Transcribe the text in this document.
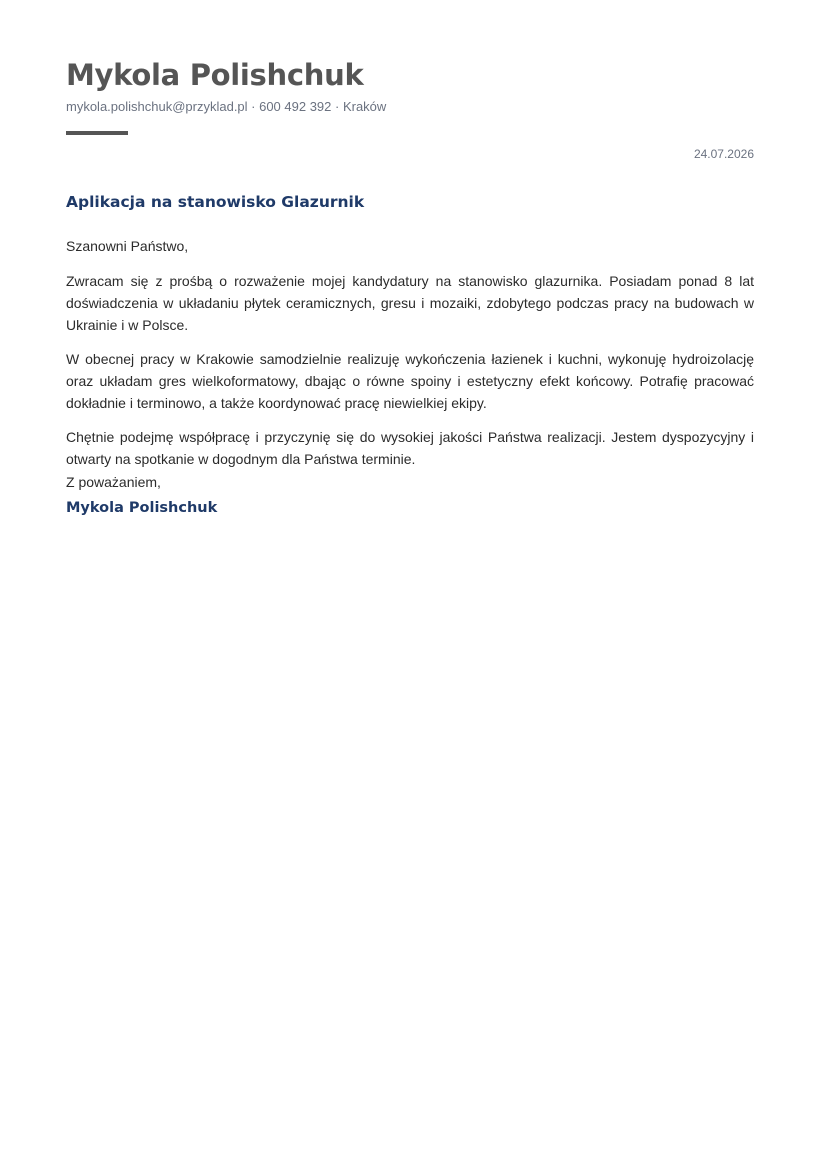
Mykola Polishchuk
mykola.polishchuk@przyklad.pl · 600 492 392 · Kraków
24.07.2026
Aplikacja na stanowisko Glazurnik

Szanowni Państwo,

Zwracam się z prośbą o rozważenie mojej kandydatury na stanowisko glazurnika. Posiadam ponad 8 lat doświadczenia w układaniu płytek ceramicznych, gresu i mozaiki, zdobytego podczas pracy na budowach w Ukrainie i w Polsce.

W obecnej pracy w Krakowie samodzielnie realizuję wykończenia łazienek i kuchni, wykonuję hydroizolację oraz układam gres wielkoformatowy, dbając o równe spoiny i estetyczny efekt końcowy. Potrafię pracować dokładnie i terminowo, a także koordynować pracę niewielkiej ekipy.

Chętnie podejmę współpracę i przyczynię się do wysokiej jakości Państwa realizacji. Jestem dyspozycyjny i otwarty na spotkanie w dogodnym dla Państwa terminie.

Z poważaniem,
Mykola Polishchuk
